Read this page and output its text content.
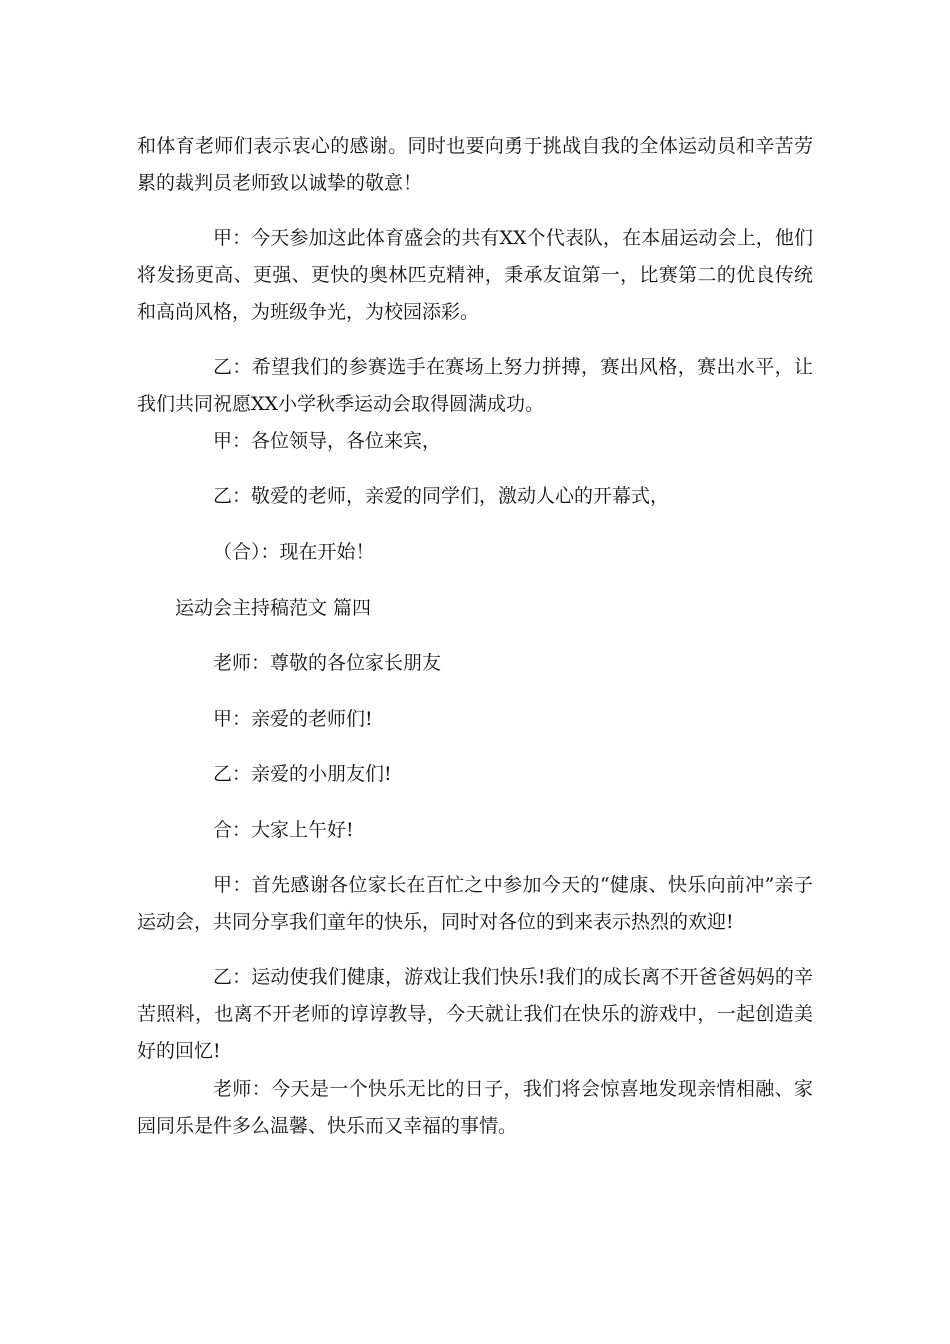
和体育老师们表示衷心的感谢。同时也要向勇于挑战自我的全体运动员和辛苦劳累的裁判员老师致以诚挚的敬意！

甲：今天参加这此体育盛会的共有XX个代表队，在本届运动会上，他们将发扬更高、更强、更快的奥林匹克精神，秉承友谊第一，比赛第二的优良传统和高尚风格，为班级争光，为校园添彩。

乙：希望我们的参赛选手在赛场上努力拼搏，赛出风格，赛出水平，让我们共同祝愿XX小学秋季运动会取得圆满成功。

甲：各位领导，各位来宾，

乙：敬爱的老师，亲爱的同学们，激动人心的开幕式，

（合）：现在开始！

运动会主持稿范文 篇四

老师：尊敬的各位家长朋友

甲：亲爱的老师们!

乙：亲爱的小朋友们!

合：大家上午好!

甲：首先感谢各位家长在百忙之中参加今天的“健康、快乐向前冲”亲子运动会，共同分享我们童年的快乐，同时对各位的到来表示热烈的欢迎!

乙：运动使我们健康，游戏让我们快乐!我们的成长离不开爸爸妈妈的辛苦照料，也离不开老师的谆谆教导，今天就让我们在快乐的游戏中，一起创造美好的回忆!

老师：今天是一个快乐无比的日子，我们将会惊喜地发现亲情相融、家园同乐是件多么温馨、快乐而又幸福的事情。
